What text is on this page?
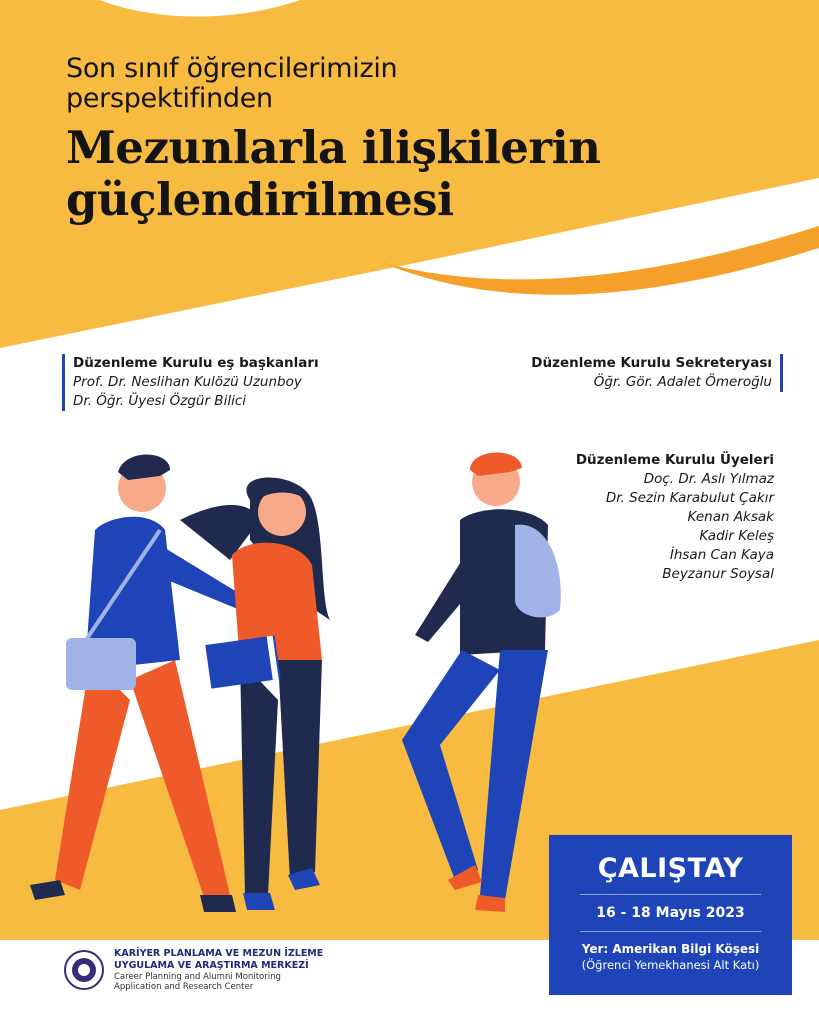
Son sınıf öğrencilerimizin
perspektifinden
Mezunlarla ilişkilerin
güçlendirilmesi
Düzenleme Kurulu eş başkanları
Prof. Dr. Neslihan Kulözü Uzunboy
Dr. Öğr. Üyesi Özgür Bilici
Düzenleme Kurulu Sekreteryası
Öğr. Gör. Adalet Ömeroğlu
Düzenleme Kurulu Üyeleri
Doç. Dr. Aslı Yılmaz
Dr. Sezin Karabulut Çakır
Kenan Aksak
Kadir Keleş
İhsan Can Kaya
Beyzanur Soysal
ÇALIŞTAY
16 - 18 Mayıs 2023
Yer: Amerikan Bilgi Köşesi
(Öğrenci Yemekhanesi Alt Katı)
KARİYER PLANLAMA VE MEZUN İZLEME
UYGULAMA VE ARAŞTIRMA MERKEZİ
Career Planning and Alumni Monitoring
Application and Research Center
